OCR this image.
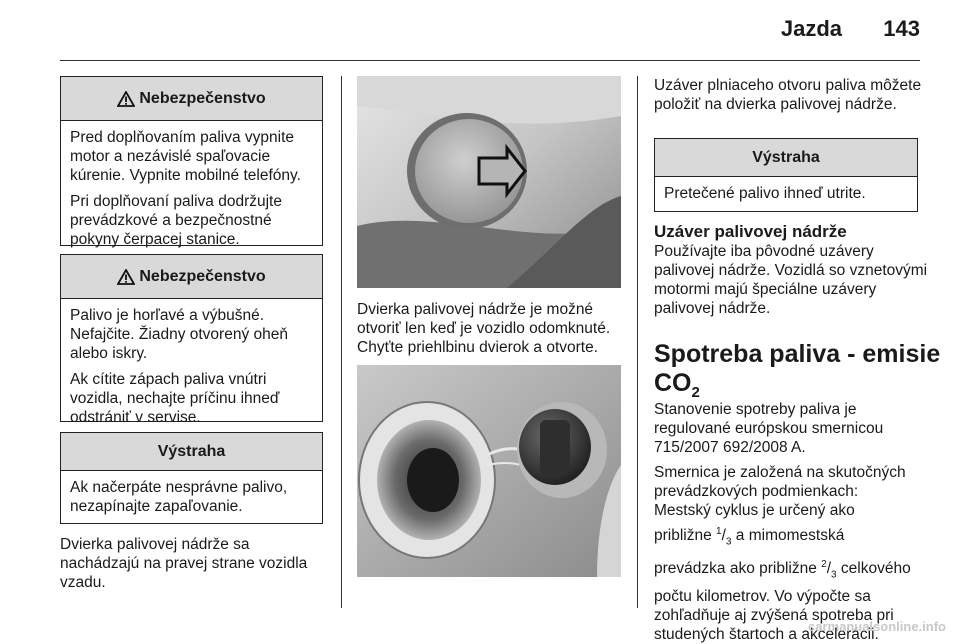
Jazda 143
Nebezpečenstvo

Pred doplňovaním paliva vypnite motor a nezávislé spaľovacie kúrenie. Vypnite mobilné telefóny.

Pri doplňovaní paliva dodržujte prevádzkové a bezpečnostné pokyny čerpacej stanice.

Nebezpečenstvo

Palivo je horľavé a výbušné. Nefajčite. Žiadny otvorený oheň alebo iskry.

Ak cítite zápach paliva vnútri vozidla, nechajte príčinu ihneď odstrániť v servise.

Výstraha

Ak načerpáte nesprávne palivo, nezapínajte zapaľovanie.

Dvierka palivovej nádrže sa nachádzajú na pravej strane vozidla vzadu.

Dvierka palivovej nádrže je možné otvoriť len keď je vozidlo odomknuté. Chyťte priehlbinu dvierok a otvorte.

Uzáver plniaceho otvoru paliva môžete položiť na dvierka palivovej nádrže.

Výstraha

Pretečené palivo ihneď utrite.

Uzáver palivovej nádrže

Používajte iba pôvodné uzávery palivovej nádrže. Vozidlá so vznetovými motormi majú špeciálne uzávery palivovej nádrže.

Spotreba paliva - emisie
$CO_2$

Stanovenie spotreby paliva je regulované európskou smernicou 715/2007 692/2008 A.

Smernica je založená na skutočných prevádzkových podmienkach:

Mestský cyklus je určený ako
približne $^1/_3$ a mimomestská
prevádzka ako približne $^2/_3$ celkového
počtu kilometrov. Vo výpočte sa zohľadňuje aj zvýšená spotreba pri studených štartoch a akcelerácii.
carmanualsonline.info
